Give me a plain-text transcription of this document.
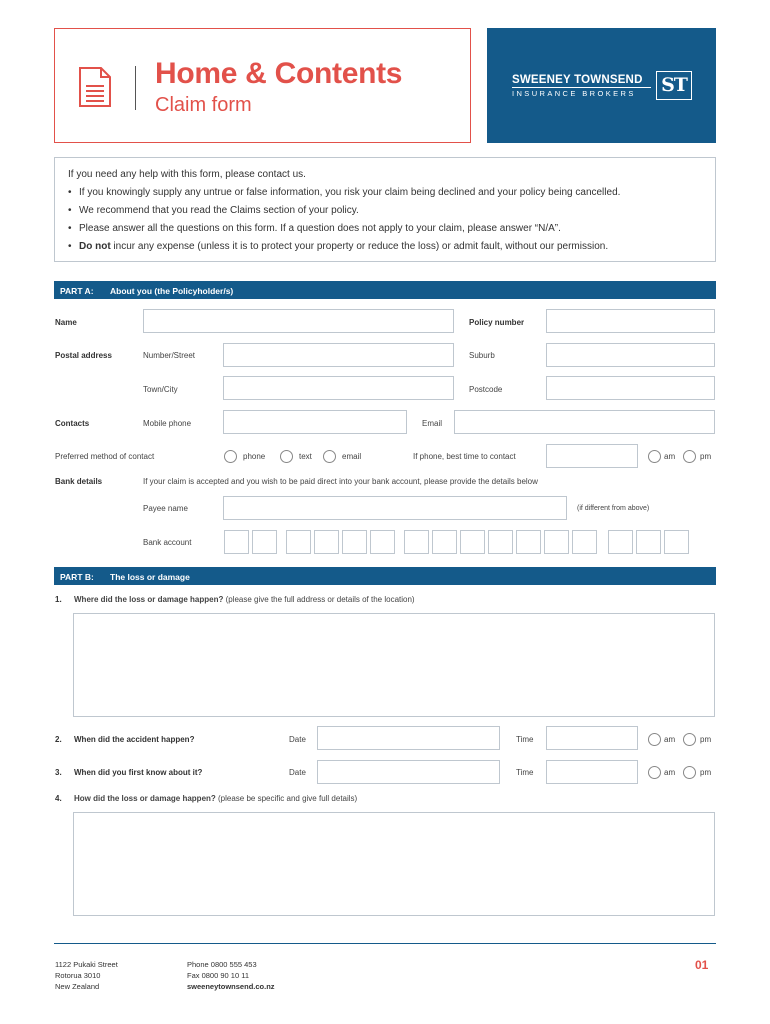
Home & Contents
Claim form
SWEENEY TOWNSEND
INSURANCE BROKERS ST
If you need any help with this form, please contact us.
• If you knowingly supply any untrue or false information, you risk your claim being declined and your policy being cancelled.
• We recommend that you read the Claims section of your policy.
• Please answer all the questions on this form. If a question does not apply to your claim, please answer “N/A”.
• Do not incur any expense (unless it is to protect your property or reduce the loss) or admit fault, without our permission.
PART A: About you (the Policyholder/s)
Name	Policy number
Postal address	Number/Street	Suburb
Town/City	Postcode
Contacts	Mobile phone	Email
Preferred method of contact	phone	text	email	If phone, best time to contact	am	pm
Bank details	If your claim is accepted and you wish to be paid direct into your bank account, please provide the details below
Payee name	(if different from above)
Bank account
PART B: The loss or damage
1. Where did the loss or damage happen? (please give the full address or details of the location)
2. When did the accident happen?	Date	Time	am	pm
3. When did you first know about it?	Date	Time	am	pm
4. How did the loss or damage happen? (please be specific and give full details)
1122 Pukaki Street
Rotorua 3010
New Zealand
Phone 0800 555 453
Fax 0800 90 10 11
sweeneytownsend.co.nz
01
